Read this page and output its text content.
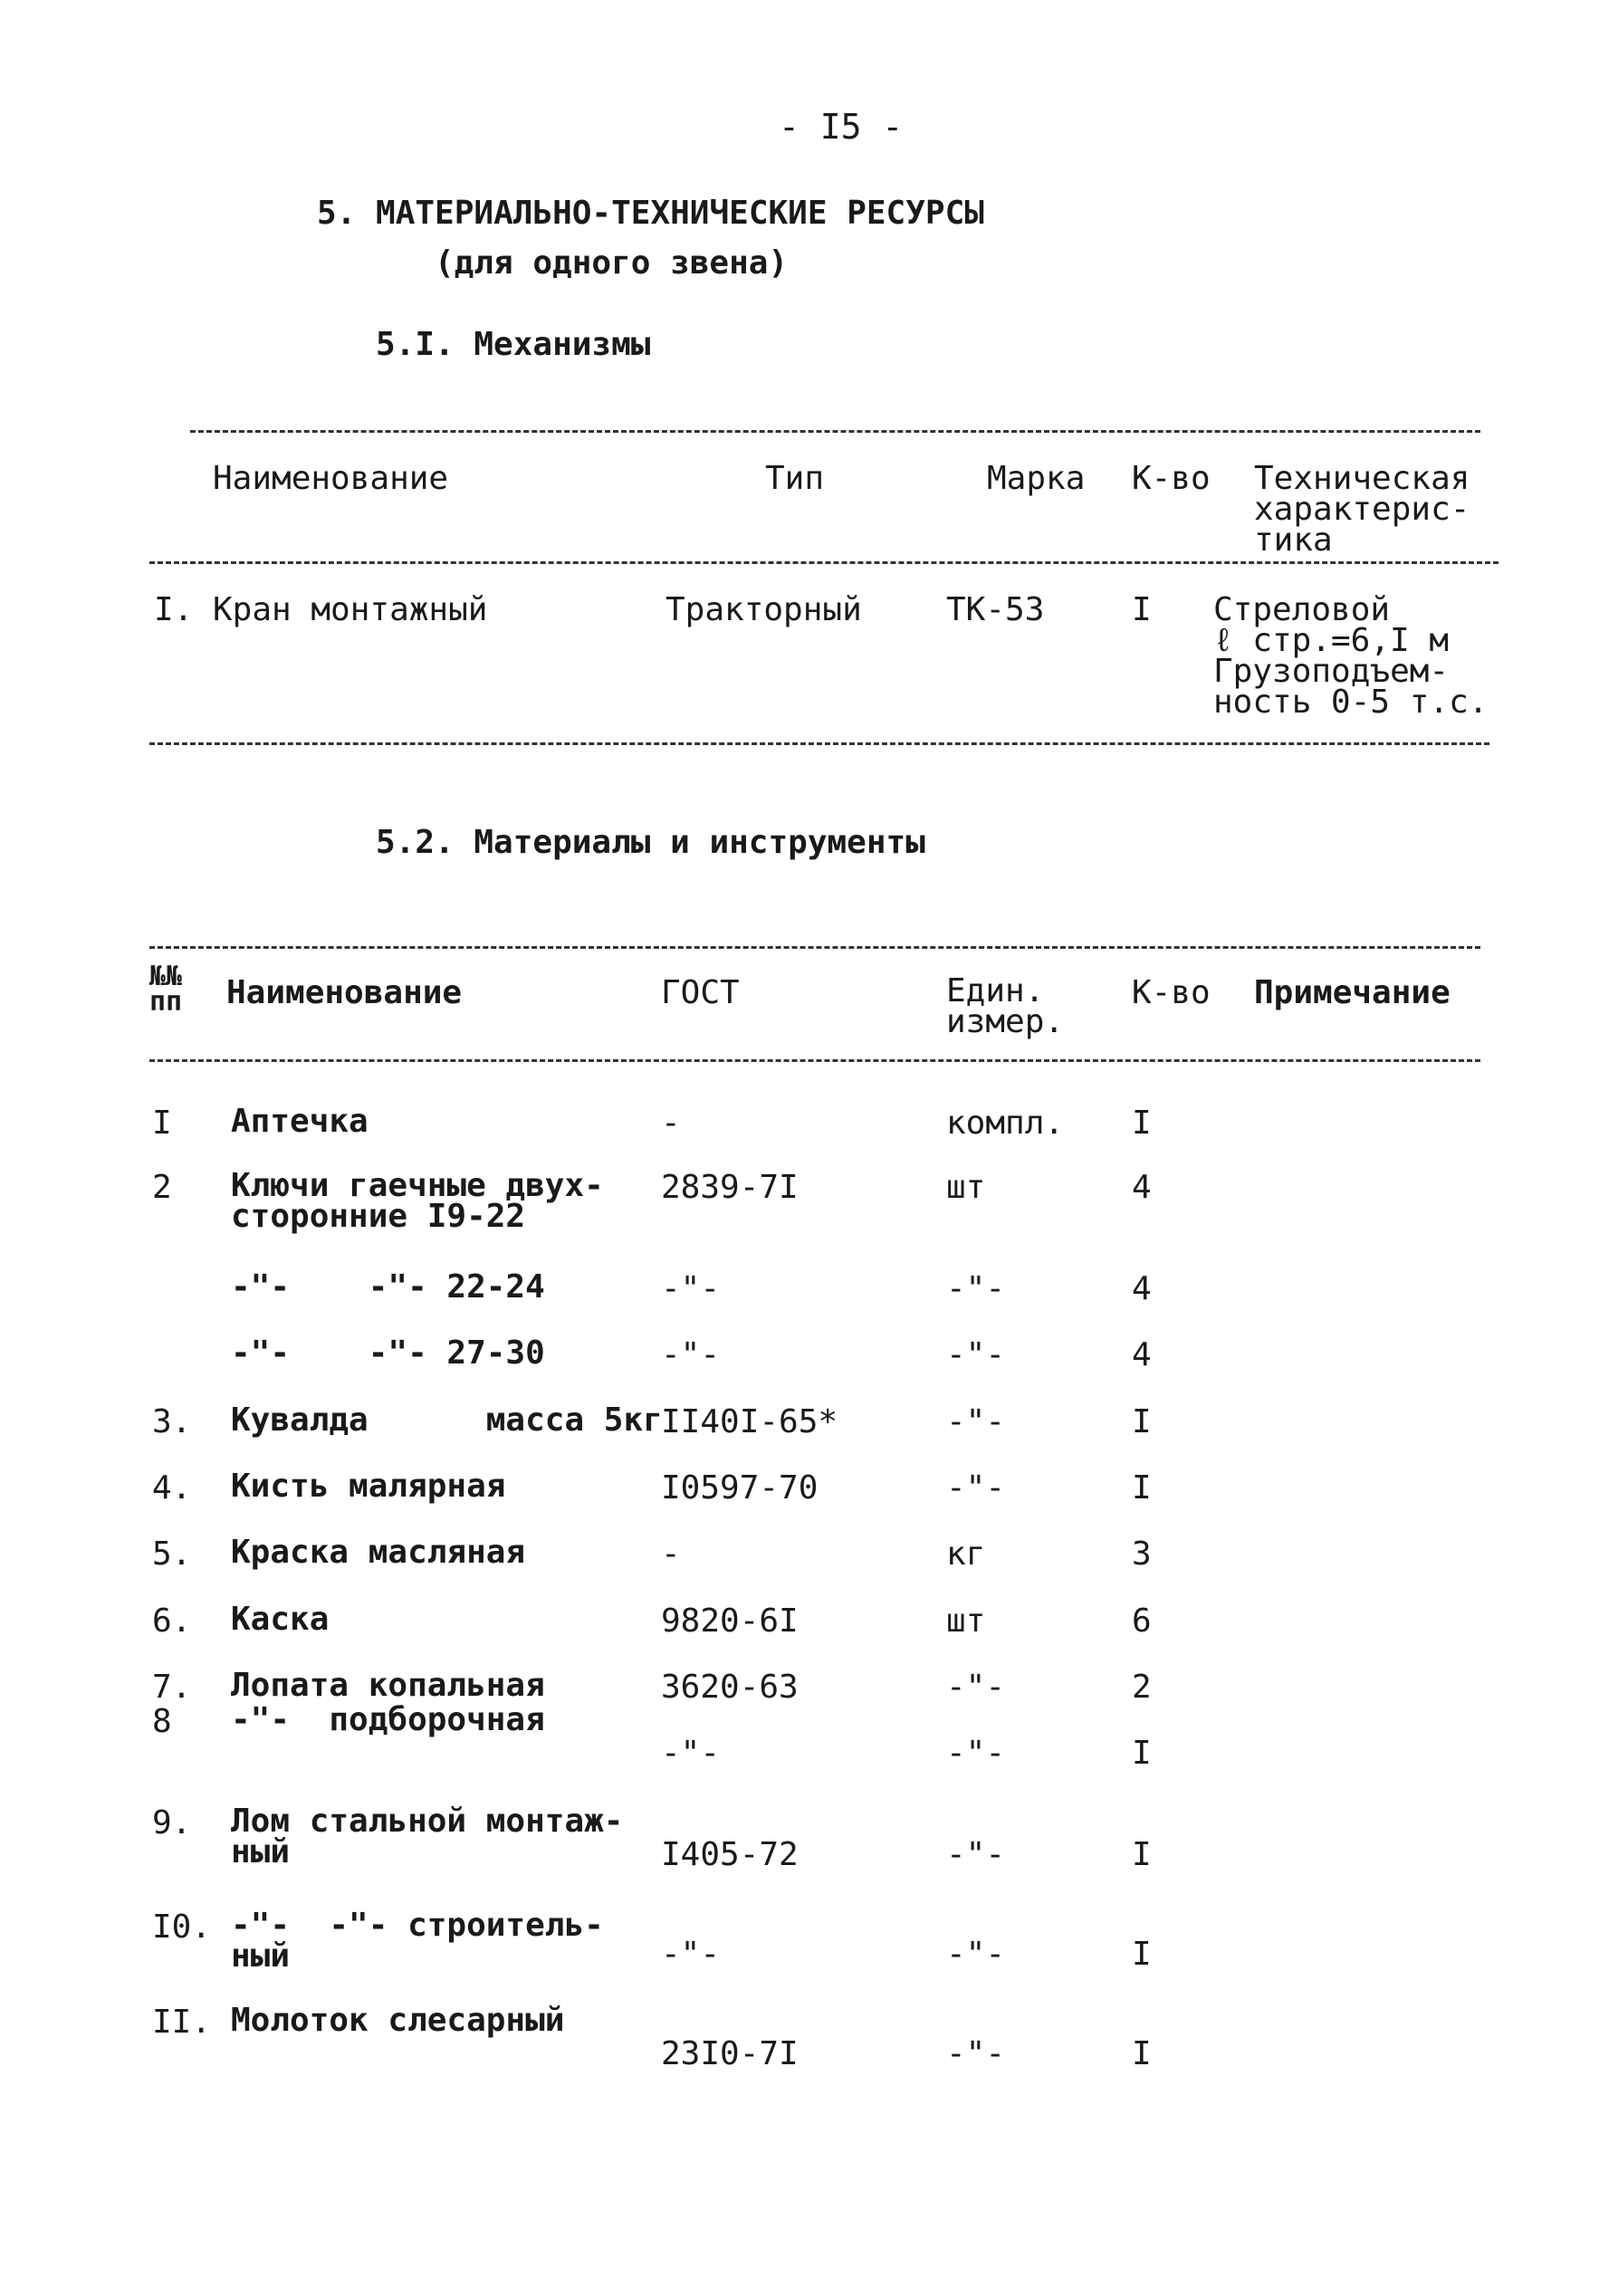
- I5 -
5. МАТЕРИАЛЬНО-ТЕХНИЧЕСКИЕ РЕСУРСЫ
(для одного звена)
5.I. Механизмы
Наименование	Тип	Марка К-во Техническая
характерис-
тика
I. Кран монтажный	Тракторный	ТК-53	I Стреловой
ℓ стр.=6,I м
Грузоподъем-
ность 0-5 т.с.
5.2. Материалы и инструменты
№№
пп Наименование	ГОСТ	Един.
измер.
К-во Примечание
I Аптечка	-	компл. I
2 Ключи гаечные двух-
сторонние I9-22
2839-7I	шт	4
-"-    -"- 22-24	-"-	-"-	4
-"-    -"- 27-30	-"-	-"-	4
3. Кувалда      масса 5кг
II40I-65*	-"-	I
4. Кисть малярная	I0597-70	-"-	I
5. Краска масляная	-	кг	3
6. Каска	9820-6I	шт	6
7. Лопата копальная	3620-63	-"-	2
8 -"-  подборочная
-"-	-"-	I
9. Лом стальной монтаж-
ный	I405-72	-"-	I
I0. -"-  -"- строитель-
ный	-"-	-"-	I
II. Молоток слесарный
23I0-7I	-"-	I
